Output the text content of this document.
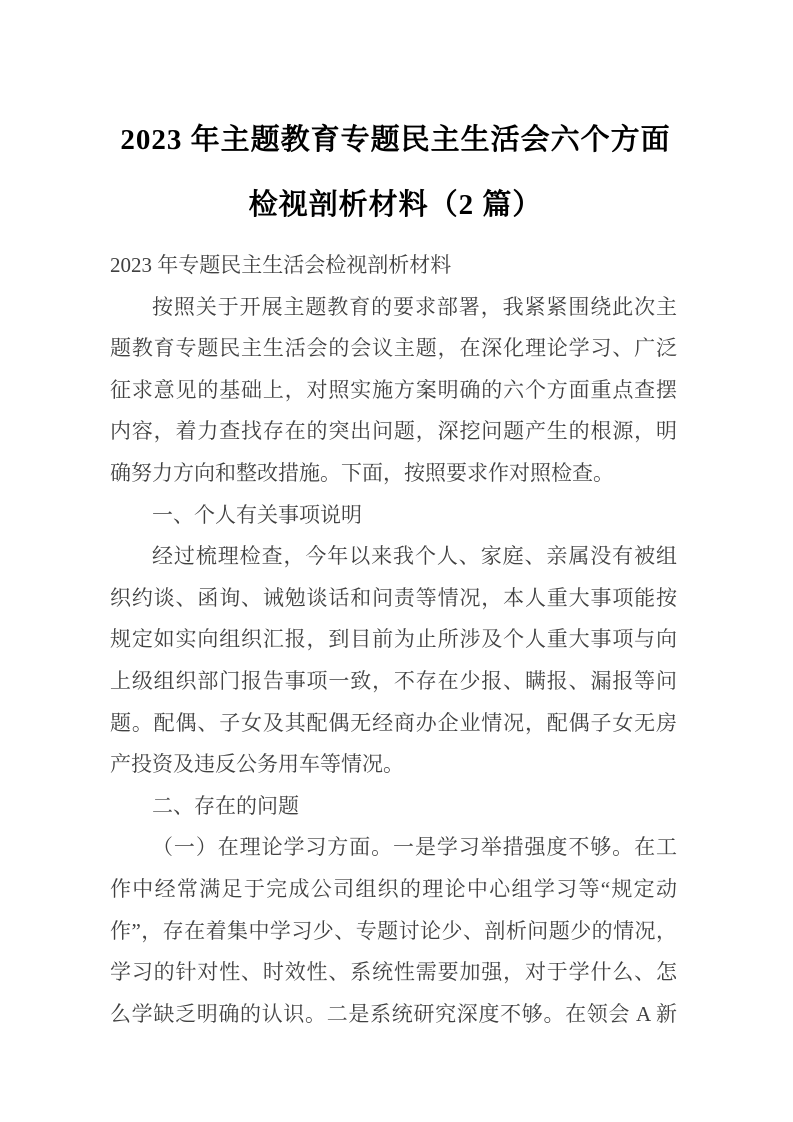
2023 年主题教育专题民主生活会六个方面
检视剖析材料（2 篇）
2023 年专题民主生活会检视剖析材料
按照关于开展主题教育的要求部署，我紧紧围绕此次主
题教育专题民主生活会的会议主题，在深化理论学习、广泛
征求意见的基础上，对照实施方案明确的六个方面重点查摆
内容，着力查找存在的突出问题，深挖问题产生的根源，明
确努力方向和整改措施。下面，按照要求作对照检查。
一、个人有关事项说明
经过梳理检查，今年以来我个人、家庭、亲属没有被组
织约谈、函询、诫勉谈话和问责等情况，本人重大事项能按
规定如实向组织汇报，到目前为止所涉及个人重大事项与向
上级组织部门报告事项一致，不存在少报、瞒报、漏报等问
题。配偶、子女及其配偶无经商办企业情况，配偶子女无房
产投资及违反公务用车等情况。
二、存在的问题
（一）在理论学习方面。一是学习举措强度不够。在工
作中经常满足于完成公司组织的理论中心组学习等“规定动
作”，存在着集中学习少、专题讨论少、剖析问题少的情况，
学习的针对性、时效性、系统性需要加强，对于学什么、怎
么学缺乏明确的认识。二是系统研究深度不够。在领会 A 新
